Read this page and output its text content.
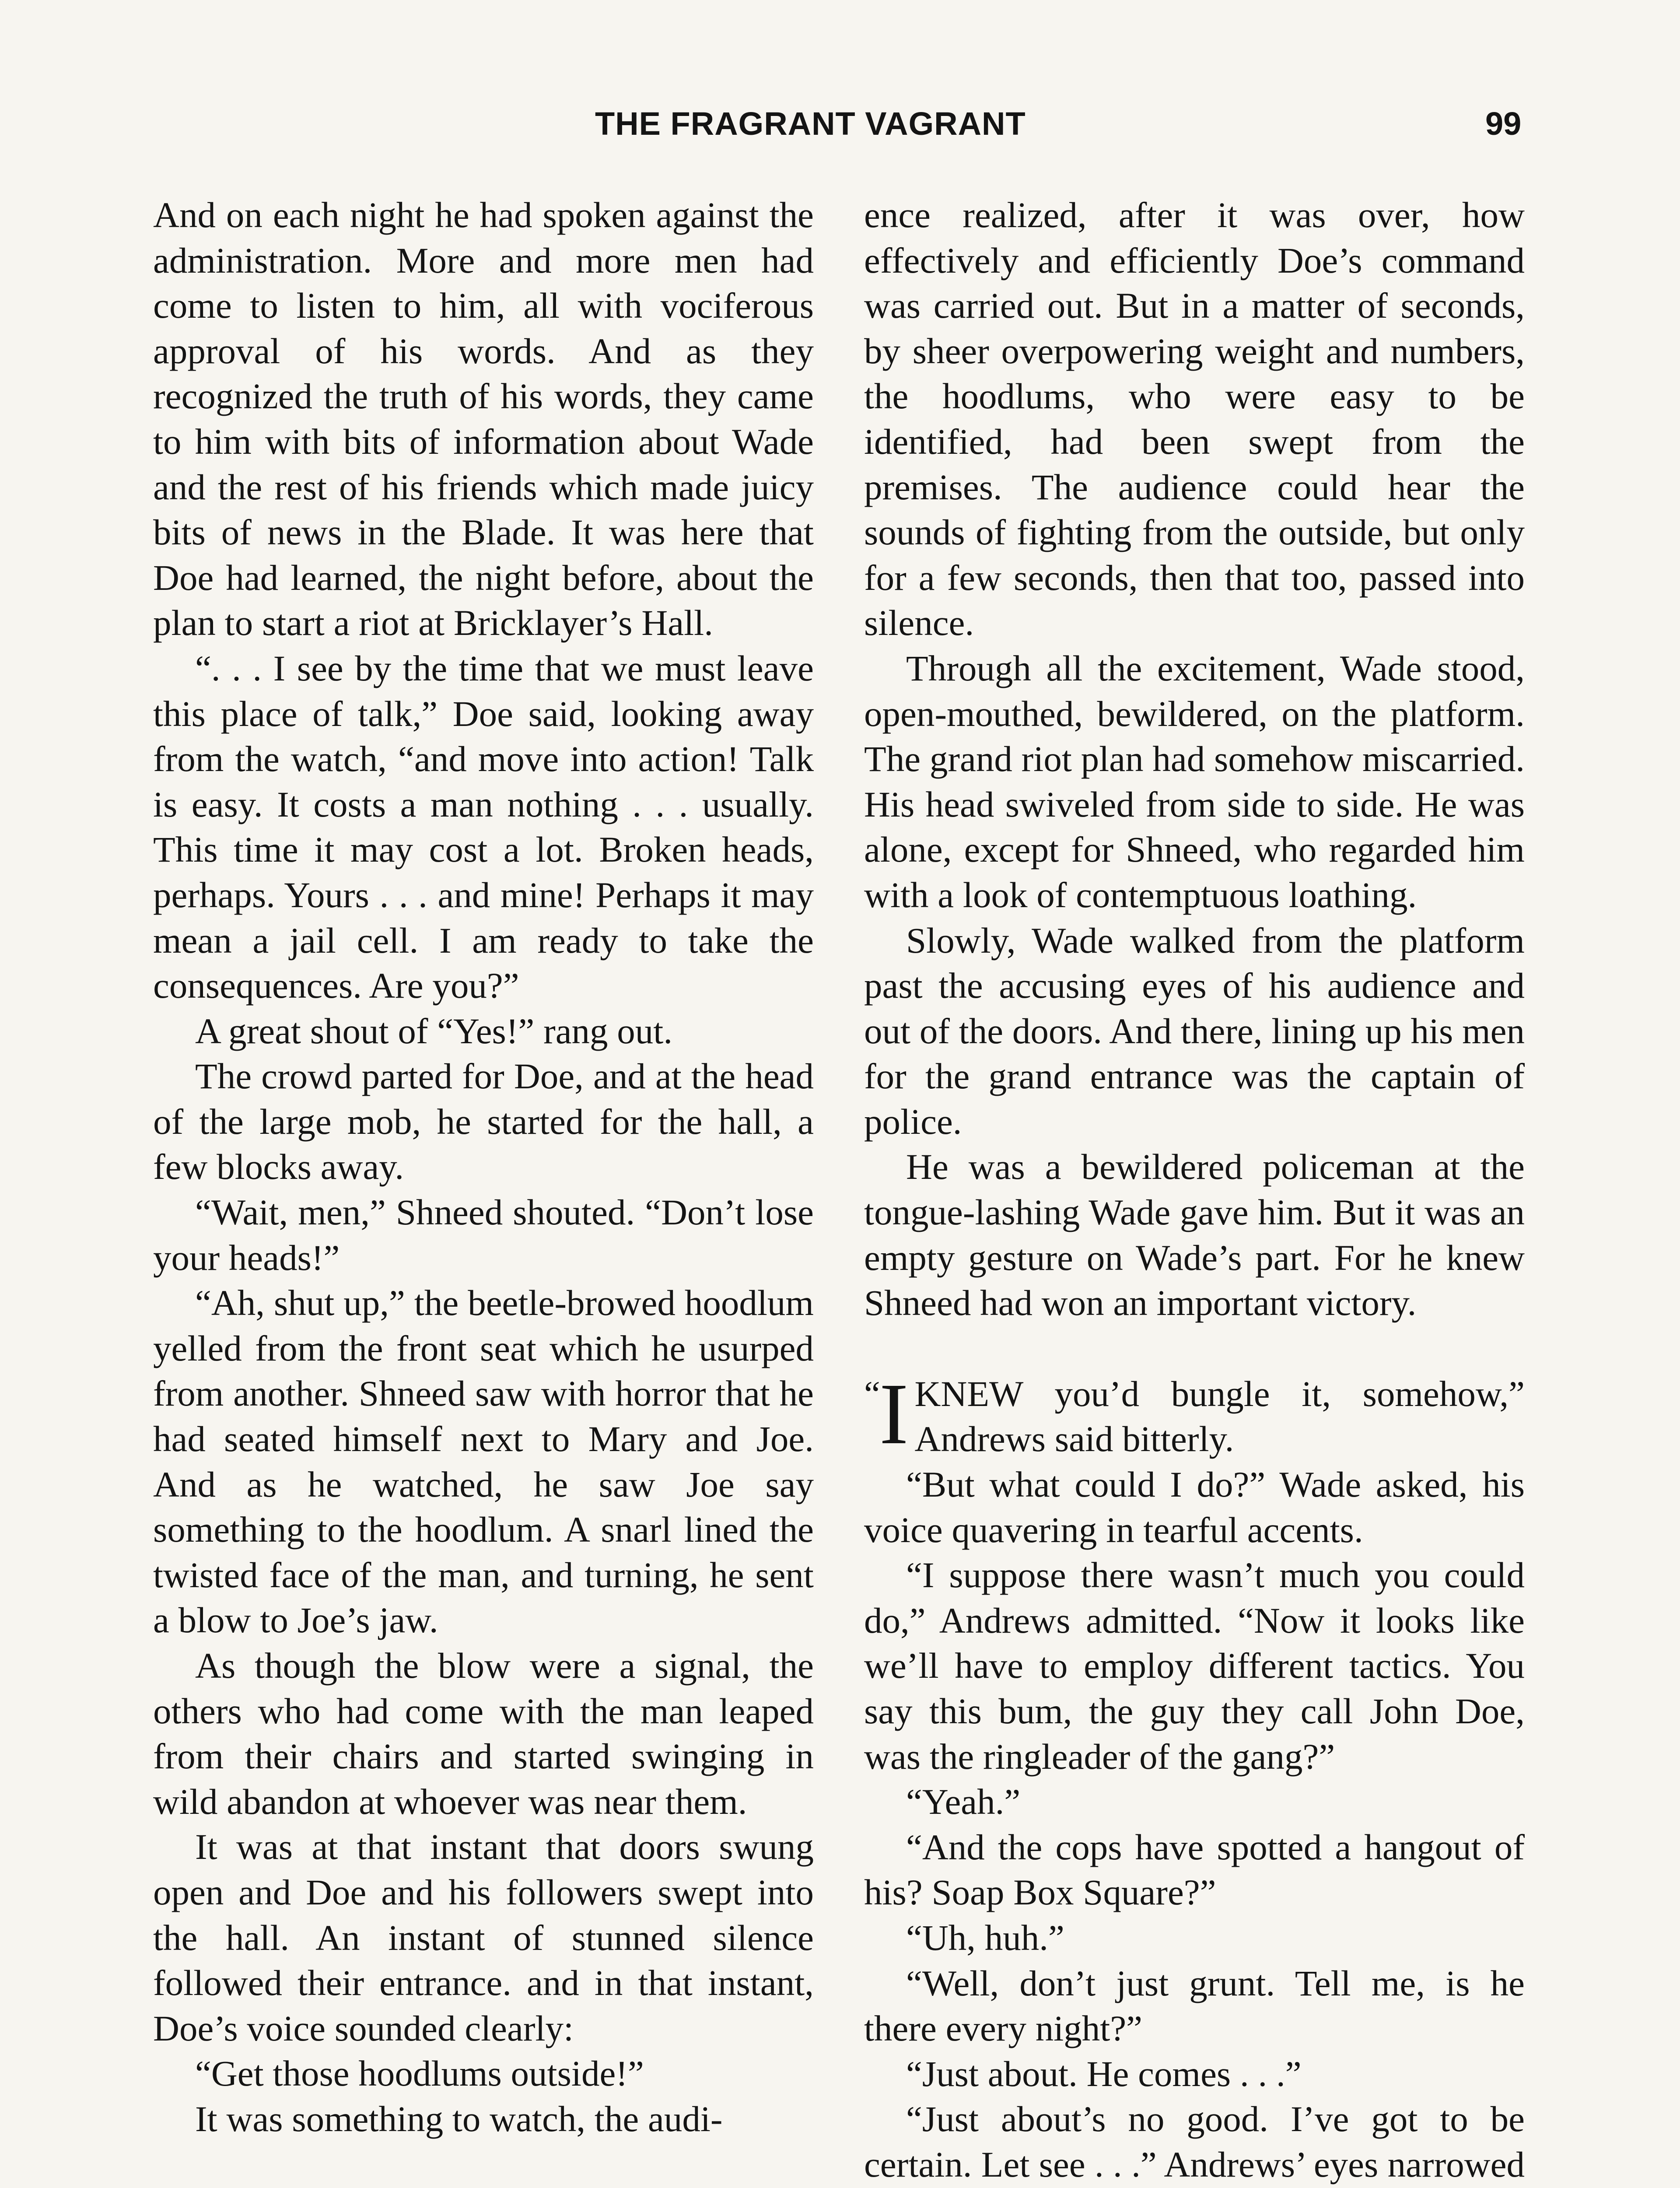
THE FRAGRANT VAGRANT	99

And on each night he had spoken against the administration. More and more men had come to listen to him, all with vociferous approval of his words. And as they recognized the truth of his words, they came to him with bits of information about Wade and the rest of his friends which made juicy bits of news in the Blade. It was here that Doe had learned, the night before, about the plan to start a riot at Bricklayer’s Hall.

“. . . I see by the time that we must leave this place of talk,” Doe said, looking away from the watch, “and move into action! Talk is easy. It costs a man nothing . . . usually. This time it may cost a lot. Broken heads, perhaps. Yours . . . and mine! Perhaps it may mean a jail cell. I am ready to take the consequences. Are you?”

A great shout of “Yes!” rang out.

The crowd parted for Doe, and at the head of the large mob, he started for the hall, a few blocks away.

“Wait, men,” Shneed shouted. “Don’t lose your heads!”

“Ah, shut up,” the beetle-browed hoodlum yelled from the front seat which he usurped from another. Shneed saw with horror that he had seated himself next to Mary and Joe. And as he watched, he saw Joe say something to the hoodlum. A snarl lined the twisted face of the man, and turning, he sent a blow to Joe’s jaw.

As though the blow were a signal, the others who had come with the man leaped from their chairs and started swinging in wild abandon at whoever was near them.

It was at that instant that doors swung open and Doe and his followers swept into the hall. An instant of stunned silence followed their entrance. and in that instant, Doe’s voice sounded clearly:

“Get those hoodlums outside!”

It was something to watch, the audi-

ence realized, after it was over, how effectively and efficiently Doe’s command was carried out. But in a matter of seconds, by sheer overpowering weight and numbers, the hoodlums, who were easy to be identified, had been swept from the premises. The audience could hear the sounds of fighting from the outside, but only for a few seconds, then that too, passed into silence.

Through all the excitement, Wade stood, open-mouthed, bewildered, on the platform. The grand riot plan had somehow miscarried. His head swiveled from side to side. He was alone, except for Shneed, who regarded him with a look of contemptuous loathing.

Slowly, Wade walked from the platform past the accusing eyes of his audience and out of the doors. And there, lining up his men for the grand entrance was the captain of police.

He was a bewildered policeman at the tongue-lashing Wade gave him. But it was an empty gesture on Wade’s part. For he knew Shneed had won an important victory.

“
I KNEW you’d bungle it, somehow,” Andrews said bitterly.

“But what could I do?” Wade asked, his voice quavering in tearful accents.

“I suppose there wasn’t much you could do,” Andrews admitted. “Now it looks like we’ll have to employ different tactics. You say this bum, the guy they call John Doe, was the ringleader of the gang?”

“Yeah.”

“And the cops have spotted a hangout of his? Soap Box Square?”

“Uh, huh.”

“Well, don’t just grunt. Tell me, is he there every night?”

“Just about. He comes . . .”

“Just about’s no good. I’ve got to be certain. Let see . . .” Andrews’ eyes narrowed
